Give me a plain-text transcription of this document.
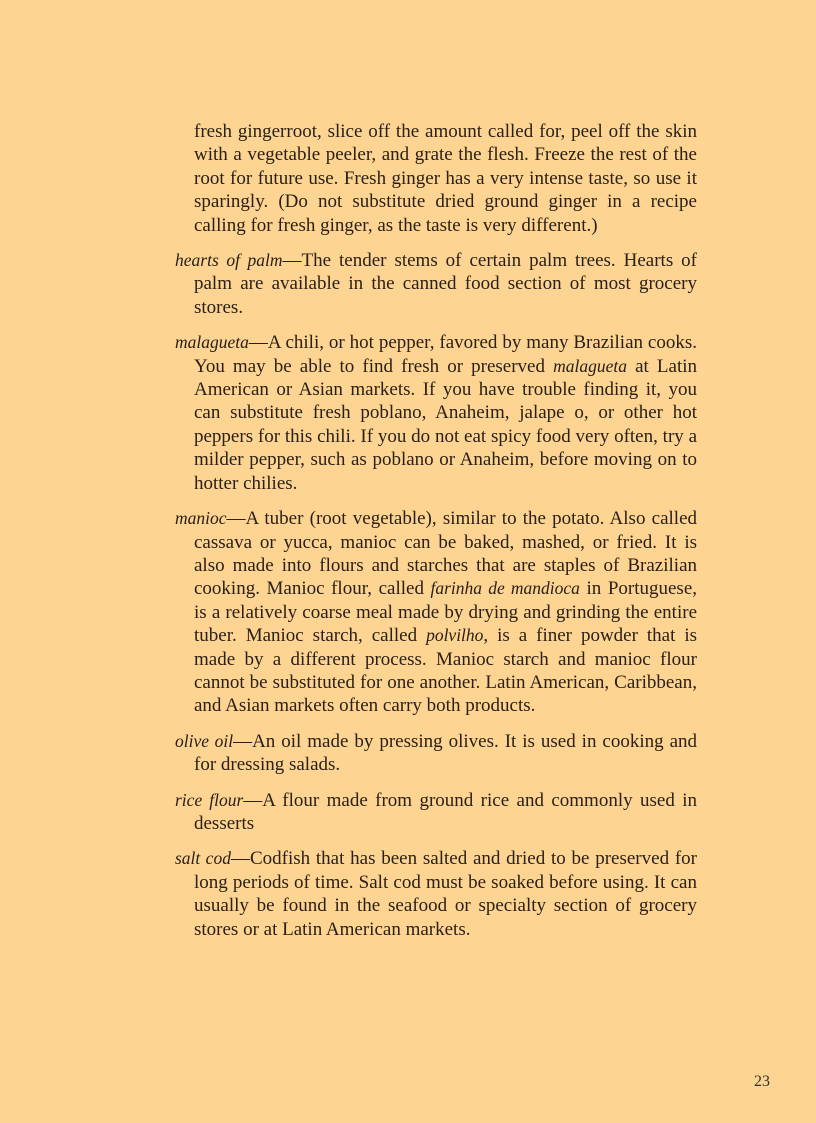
fresh gingerroot, slice off the amount called for, peel off the skin with a vegetable peeler, and grate the flesh. Freeze the rest of the root for future use. Fresh ginger has a very intense taste, so use it sparingly. (Do not substitute dried ground ginger in a recipe calling for fresh ginger, as the taste is very different.)

hearts of palm—The tender stems of certain palm trees. Hearts of palm are available in the canned food section of most grocery stores.

malagueta—A chili, or hot pepper, favored by many Brazilian cooks. You may be able to find fresh or preserved malagueta at Latin American or Asian markets. If you have trouble finding it, you can substitute fresh poblano, Anaheim, jalape o, or other hot peppers for this chili. If you do not eat spicy food very often, try a milder pepper, such as poblano or Anaheim, before moving on to hotter chilies.

manioc—A tuber (root vegetable), similar to the potato. Also called cassava or yucca, manioc can be baked, mashed, or fried. It is also made into flours and starches that are staples of Brazilian cooking. Manioc flour, called farinha de mandioca in Portuguese, is a relatively coarse meal made by drying and grinding the entire tuber. Manioc starch, called polvilho, is a finer powder that is made by a different process. Manioc starch and manioc flour cannot be substituted for one another. Latin American, Caribbean, and Asian markets often carry both products.

olive oil—An oil made by pressing olives. It is used in cooking and for dressing salads.

rice flour—A flour made from ground rice and commonly used in desserts

salt cod—Codfish that has been salted and dried to be preserved for long periods of time. Salt cod must be soaked before using. It can usually be found in the seafood or specialty section of grocery stores or at Latin American markets.

23
